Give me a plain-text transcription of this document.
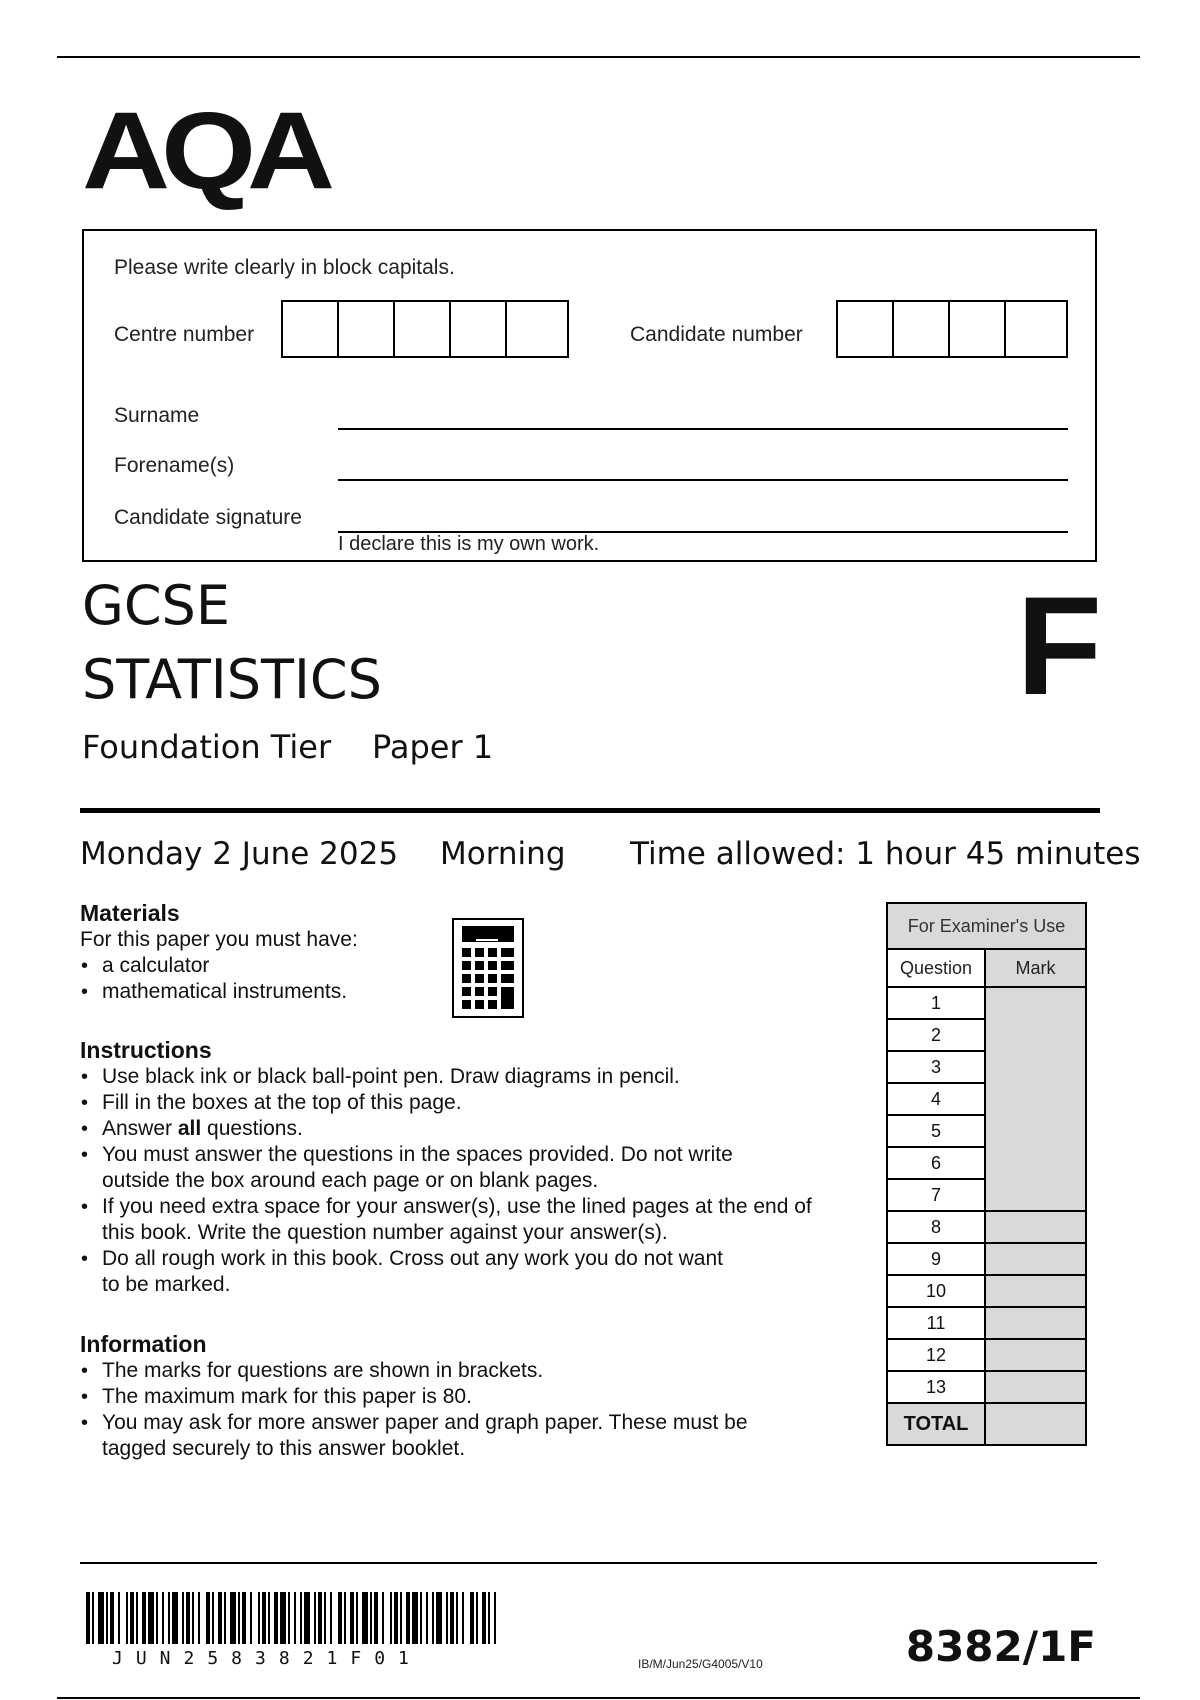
AQA
Please write clearly in block capitals.
Centre number	Candidate number
Surname
Forename(s)
Candidate signature
I declare this is my own work.
GCSE
STATISTICS
Foundation Tier Paper 1
F
Monday 2 June 2025 Morning Time allowed: 1 hour 45 minutes
Materials
For this paper you must have:
• a calculator
• mathematical instruments.
Instructions
• Use black ink or black ball-point pen. Draw diagrams in pencil.
• Fill in the boxes at the top of this page.
• Answer all questions.
• You must answer the questions in the spaces provided. Do not write
outside the box around each page or on blank pages.
• If you need extra space for your answer(s), use the lined pages at the end of
this book. Write the question number against your answer(s).
• Do all rough work in this book. Cross out any work you do not want
to be marked.
Information
• The marks for questions are shown in brackets.
• The maximum mark for this paper is 80.
• You may ask for more answer paper and graph paper. These must be
tagged securely to this answer booklet.
For Examiner's Use	
Question	Mark
1	
2	
3	
4	
5	
6	
7	
8	
9	
10	
11	
12	
13	
TOTAL	
JUN2583821F01	IB/M/Jun25/G4005/V10	8382/1F
